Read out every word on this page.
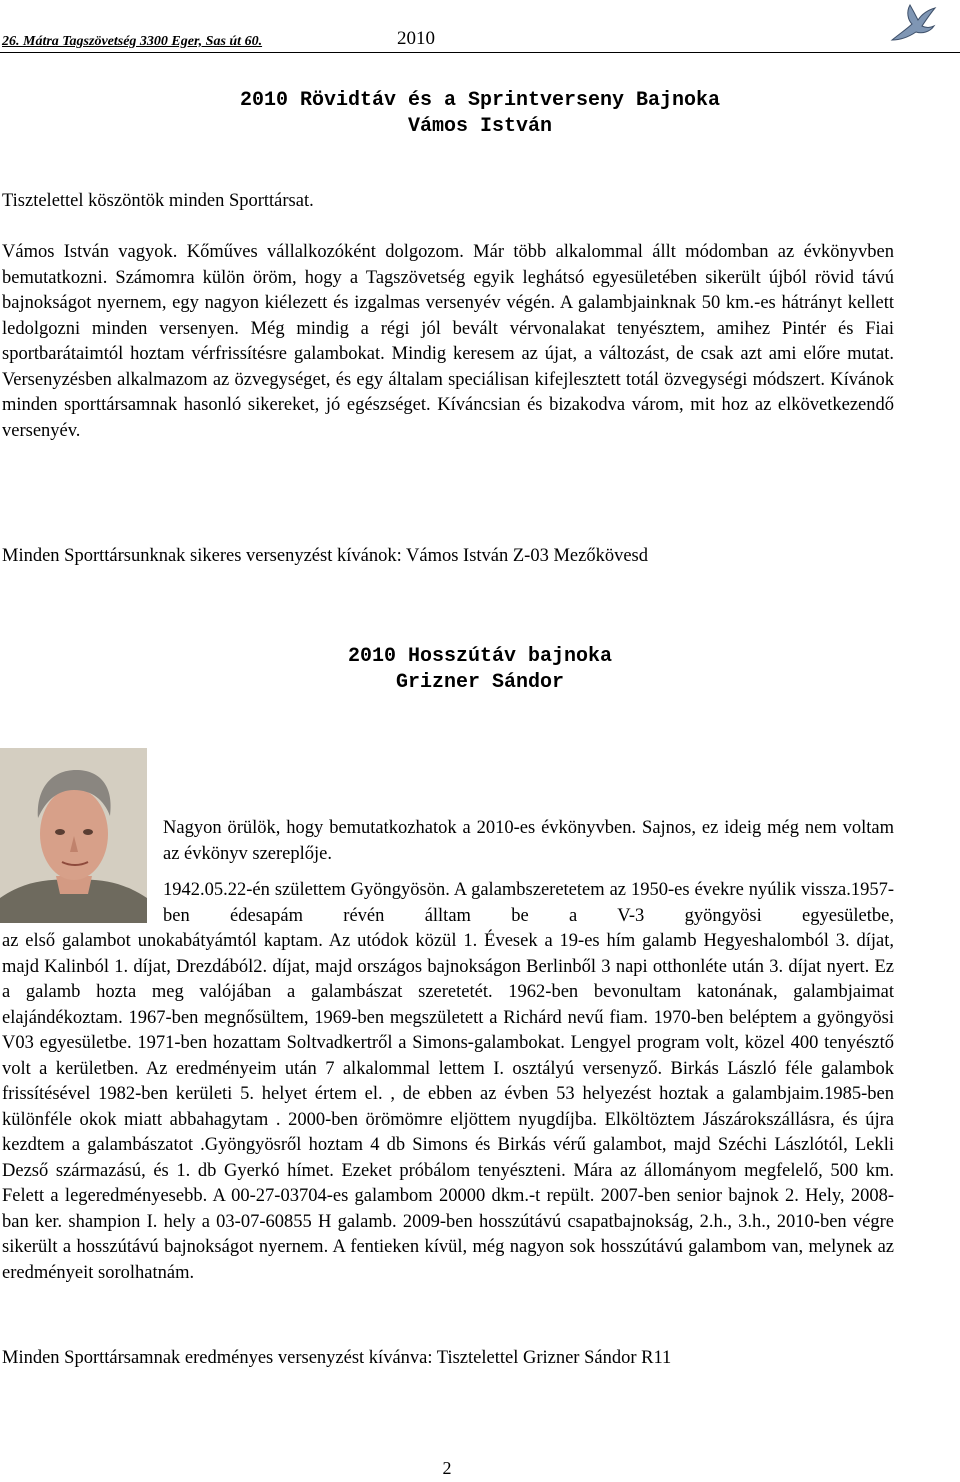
26. Mátra Tagszövetség 3300 Eger, Sas út 60.	2010
2010 Rövidtáv és a Sprintverseny Bajnoka
Vámos István

Tisztelettel köszöntök minden Sporttársat.

Vámos István vagyok. Kőműves vállalkozóként dolgozom. Már több alkalommal állt módomban az évkönyvben bemutatkozni. Számomra külön öröm, hogy a Tagszövetség egyik leghátsó egyesületében sikerült újból rövid távú bajnokságot nyernem, egy nagyon kiélezett és izgalmas versenyév végén. A galambjainknak 50 km.-es hátrányt kellett ledolgozni minden versenyen. Még mindig a régi jól bevált vérvonalakat tenyésztem, amihez Pintér és Fiai sportbarátaimtól hoztam vérfrissítésre galambokat. Mindig keresem az újat, a változást, de csak azt ami előre mutat. Versenyzésben alkalmazom az özvegységet, és egy általam speciálisan kifejlesztett totál özvegységi módszert. Kívánok minden sporttársamnak hasonló sikereket, jó egészséget. Kíváncsian és bizakodva várom, mit hoz az elkövetkezendő versenyév.

Minden Sporttársunknak sikeres versenyzést kívánok: Vámos István Z-03 Mezőkövesd

2010 Hosszútáv bajnoka
Grizner Sándor

Nagyon örülök, hogy bemutatkozhatok a 2010-es évkönyvben. Sajnos, ez ideig még nem voltam az évkönyv szereplője.

1942.05.22-én születtem Gyöngyösön. A galambszeretetem az 1950-es évekre nyúlik vissza.1957-ben édesapám révén álltam be a V-3 gyöngyösi egyesületbe,

az első galambot unokabátyámtól kaptam. Az utódok közül 1. Évesek a 19-es hím galamb Hegyeshalomból 3. díjat, majd Kalinból 1. díjat, Drezdából2. díjat, majd országos bajnokságon Berlinből 3 napi otthonléte után 3. díjat nyert. Ez a galamb hozta meg valójában a galambászat szeretetét. 1962-ben bevonultam katonának, galambjaimat elajándékoztam. 1967-ben megnősültem, 1969-ben megszületett a Richárd nevű fiam. 1970-ben beléptem a gyöngyösi V03 egyesületbe. 1971-ben hozattam Soltvadkertről a Simons-galambokat. Lengyel program volt, közel 400 tenyésztő volt a kerületben. Az eredményeim után 7 alkalommal lettem I. osztályú versenyző. Birkás László féle galambok frissítésével 1982-ben kerületi 5. helyet értem el. , de ebben az évben 53 helyezést hoztak a galambjaim.1985-ben különféle okok miatt abbahagytam . 2000-ben örömömre eljöttem nyugdíjba. Elköltöztem Jászárokszállásra, és újra kezdtem a galambászatot .Gyöngyösről hoztam 4 db Simons és Birkás vérű galambot, majd Széchi Lászlótól, Lekli Dezső származású, és 1. db Gyerkó hímet. Ezeket próbálom tenyészteni. Mára az állományom megfelelő, 500 km. Felett a legeredményesebb. A 00-27-03704-es galambom 20000 dkm.-t repült. 2007-ben senior bajnok 2. Hely, 2008-ban ker. shampion I. hely a 03-07-60855 H galamb. 2009-ben hosszútávú csapatbajnokság, 2.h., 3.h., 2010-ben végre sikerült a hosszútávú bajnokságot nyernem. A fentieken kívül, még nagyon sok hosszútávú galambom van, melynek az eredményeit sorolhatnám.

Minden Sporttársamnak eredményes versenyzést kívánva: Tisztelettel Grizner Sándor R11

2
